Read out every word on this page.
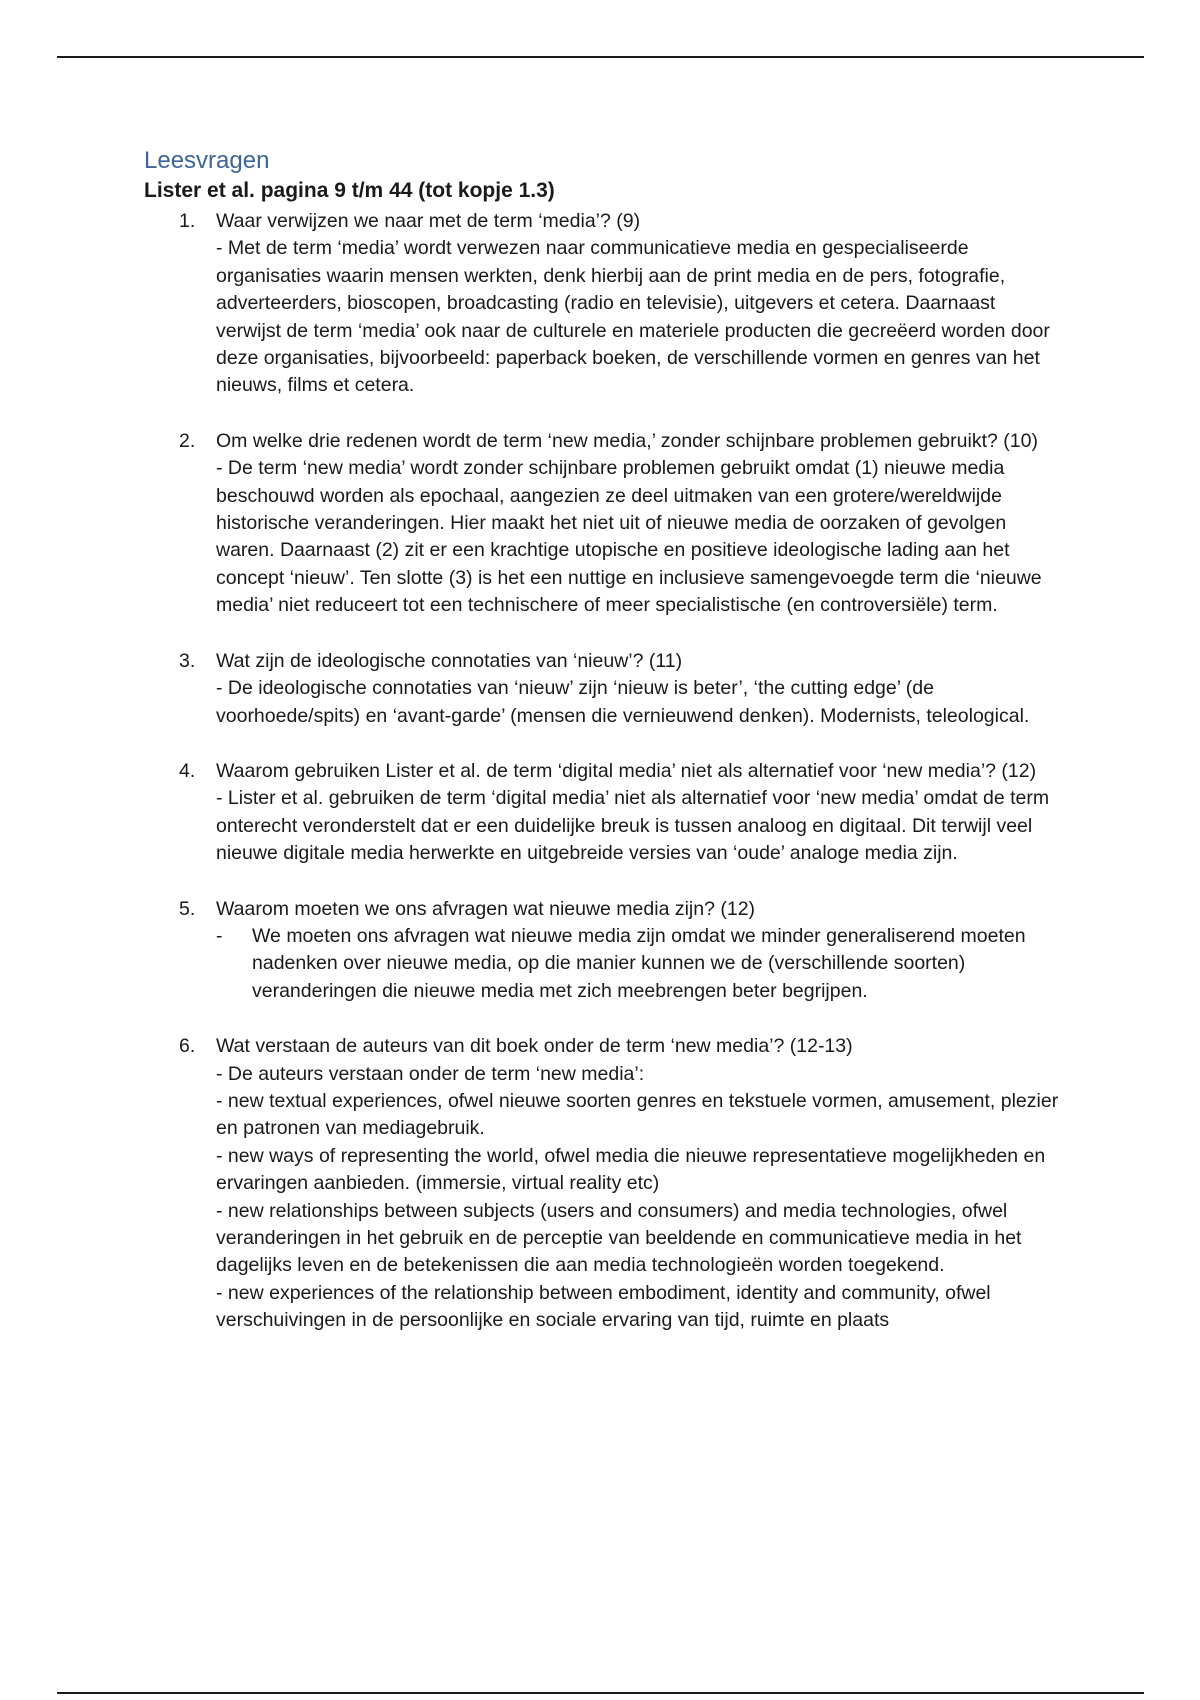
Leesvragen
Lister et al. pagina 9 t/m 44 (tot kopje 1.3)
1. Waar verwijzen we naar met de term ‘media’? (9)
- Met de term ‘media’ wordt verwezen naar communicatieve media en gespecialiseerde organisaties waarin mensen werkten, denk hierbij aan de print media en de pers, fotografie, adverteerders, bioscopen, broadcasting (radio en televisie), uitgevers et cetera. Daarnaast verwijst de term ‘media’ ook naar de culturele en materiele producten die gecreëerd worden door deze organisaties, bijvoorbeeld: paperback boeken, de verschillende vormen en genres van het nieuws, films et cetera.
2. Om welke drie redenen wordt de term ‘new media,’ zonder schijnbare problemen gebruikt? (10)
- De term ‘new media’ wordt zonder schijnbare problemen gebruikt omdat (1) nieuwe media beschouwd worden als epochaal, aangezien ze deel uitmaken van een grotere/wereldwijde historische veranderingen. Hier maakt het niet uit of nieuwe media de oorzaken of gevolgen waren. Daarnaast (2) zit er een krachtige utopische en positieve ideologische lading aan het concept ‘nieuw’. Ten slotte (3) is het een nuttige en inclusieve samengevoegde term die ‘nieuwe media’ niet reduceert tot een technischere of meer specialistische (en controversiële) term.
3. Wat zijn de ideologische connotaties van ‘nieuw’? (11)
- De ideologische connotaties van ‘nieuw’ zijn ‘nieuw is beter’, ‘the cutting edge’ (de voorhoede/spits) en ‘avant-garde’ (mensen die vernieuwend denken). Modernists, teleological.
4. Waarom gebruiken Lister et al. de term ‘digital media’ niet als alternatief voor ‘new media’? (12)
- Lister et al. gebruiken de term ‘digital media’ niet als alternatief voor ‘new media’ omdat de term onterecht veronderstelt dat er een duidelijke breuk is tussen analoog en digitaal. Dit terwijl veel nieuwe digitale media herwerkte en uitgebreide versies van ‘oude’ analoge media zijn.
5. Waarom moeten we ons afvragen wat nieuwe media zijn? (12)
- We moeten ons afvragen wat nieuwe media zijn omdat we minder generaliserend moeten nadenken over nieuwe media, op die manier kunnen we de (verschillende soorten) veranderingen die nieuwe media met zich meebrengen beter begrijpen.
6. Wat verstaan de auteurs van dit boek onder de term ‘new media’? (12-13)
- De auteurs verstaan onder de term ‘new media’:
- new textual experiences, ofwel nieuwe soorten genres en tekstuele vormen, amusement, plezier en patronen van mediagebruik.
- new ways of representing the world, ofwel media die nieuwe representatieve mogelijkheden en ervaringen aanbieden. (immersie, virtual reality etc)
- new relationships between subjects (users and consumers) and media technologies, ofwel veranderingen in het gebruik en de perceptie van beeldende en communicatieve media in het dagelijks leven en de betekenissen die aan media technologieën worden toegekend.
- new experiences of the relationship between embodiment, identity and community, ofwel verschuivingen in de persoonlijke en sociale ervaring van tijd, ruimte en plaats
